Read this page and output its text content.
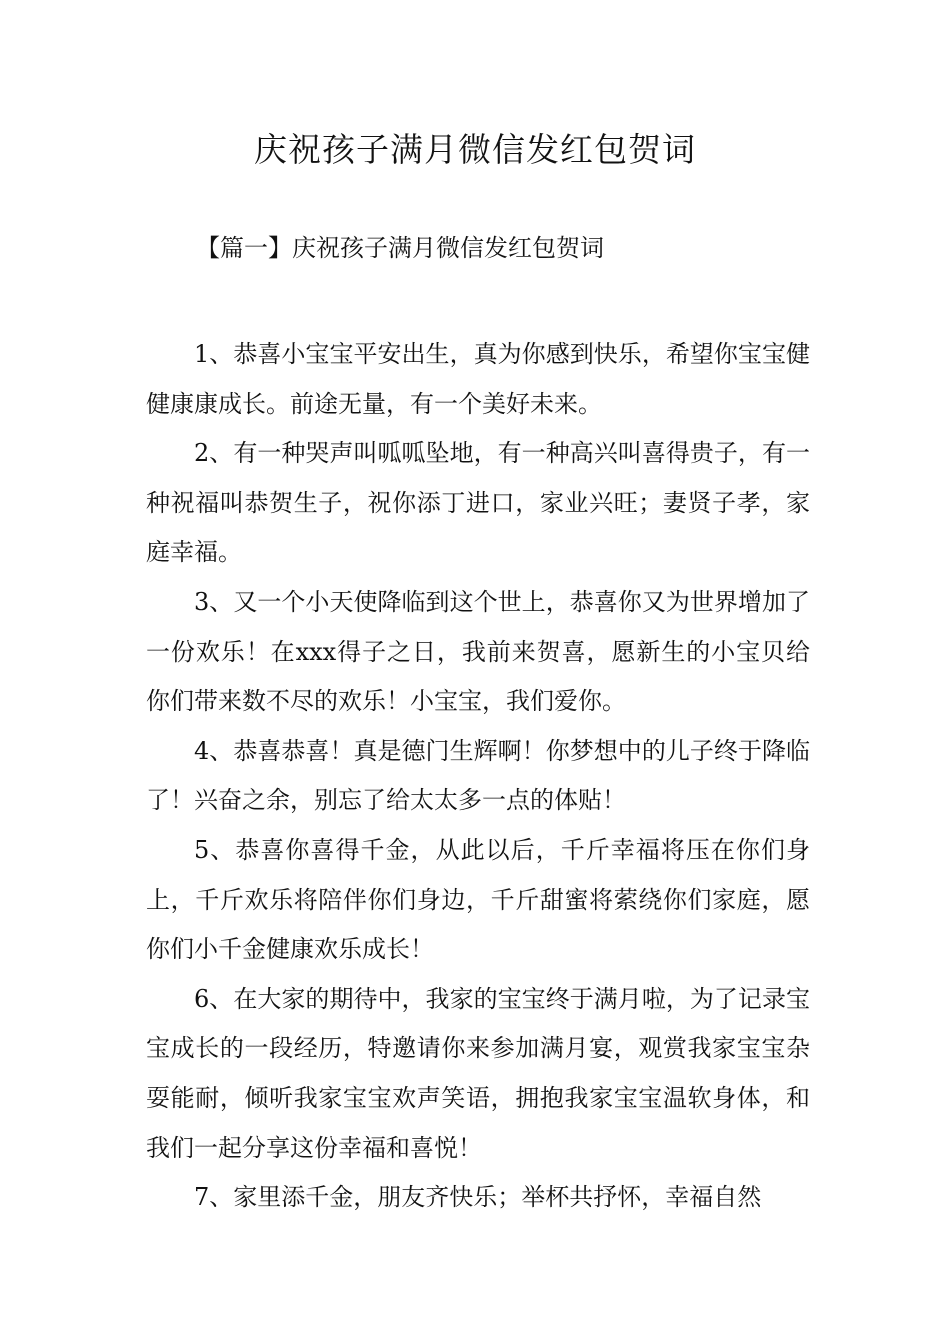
庆祝孩子满月微信发红包贺词
【篇一】庆祝孩子满月微信发红包贺词

1、恭喜小宝宝平安出生，真为你感到快乐，希望你宝宝健健康康成长。前途无量，有一个美好未来。

2、有一种哭声叫呱呱坠地，有一种高兴叫喜得贵子，有一种祝福叫恭贺生子，祝你添丁进口，家业兴旺；妻贤子孝，家庭幸福。

3、又一个小天使降临到这个世上，恭喜你又为世界增加了一份欢乐！在xxx得子之日，我前来贺喜，愿新生的小宝贝给你们带来数不尽的欢乐！小宝宝，我们爱你。

4、恭喜恭喜！真是德门生辉啊！你梦想中的儿子终于降临了！兴奋之余，别忘了给太太多一点的体贴！

5、恭喜你喜得千金，从此以后，千斤幸福将压在你们身上，千斤欢乐将陪伴你们身边，千斤甜蜜将萦绕你们家庭，愿你们小千金健康欢乐成长！

6、在大家的期待中，我家的宝宝终于满月啦，为了记录宝宝成长的一段经历，特邀请你来参加满月宴，观赏我家宝宝杂耍能耐，倾听我家宝宝欢声笑语，拥抱我家宝宝温软身体，和我们一起分享这份幸福和喜悦！

7、家里添千金，朋友齐快乐；举杯共抒怀，幸福自然
